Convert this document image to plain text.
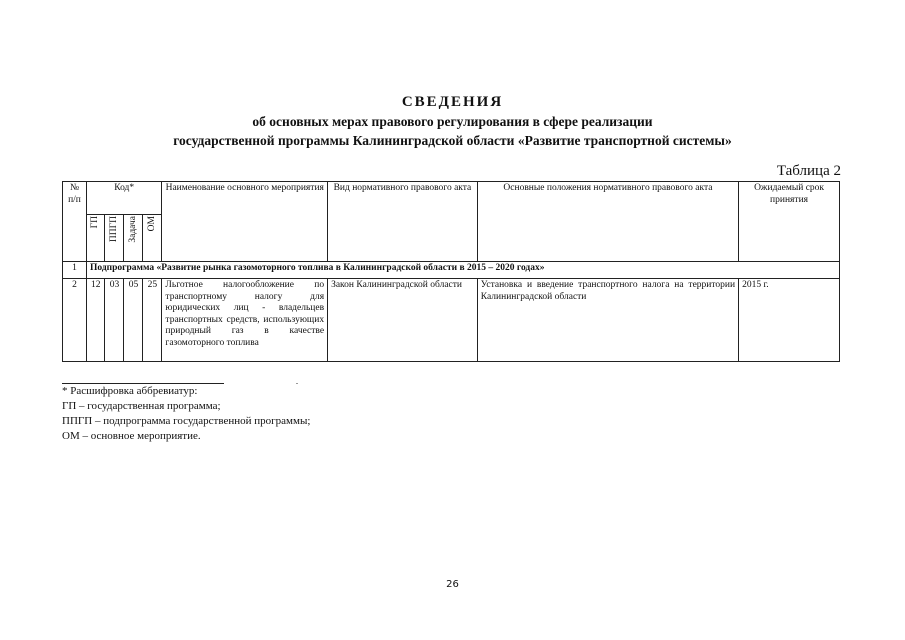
СВЕДЕНИЯ
об основных мерах правового регулирования в сфере реализации
государственной программы Калининградской области «Развитие транспортной системы»
Таблица 2
№ п/п	Код*				Наименование основного мероприятия	Вид нормативного правового акта	Основные положения нормативного правового акта	Ожидаемый срок принятия
	ГП	ППГП	Задача	ОМ				
1	Подпрограмма «Развитие рынка газомоторного топлива в Калининградской области в 2015 – 2020 годах»							
2	12	03	05	25	Льготное налогообложение по транспортному налогу для юридических лиц - владельцев транспортных средств, использующих природный газ в качестве газомоторного топлива	Закон Калининградской области	Установка и введение транспортного налога на территории Калининградской области	2015 г.
* Расшифровка аббревиатур:
ГП – государственная программа;
ППГП – подпрограмма государственной программы;
ОМ – основное мероприятие.
26
